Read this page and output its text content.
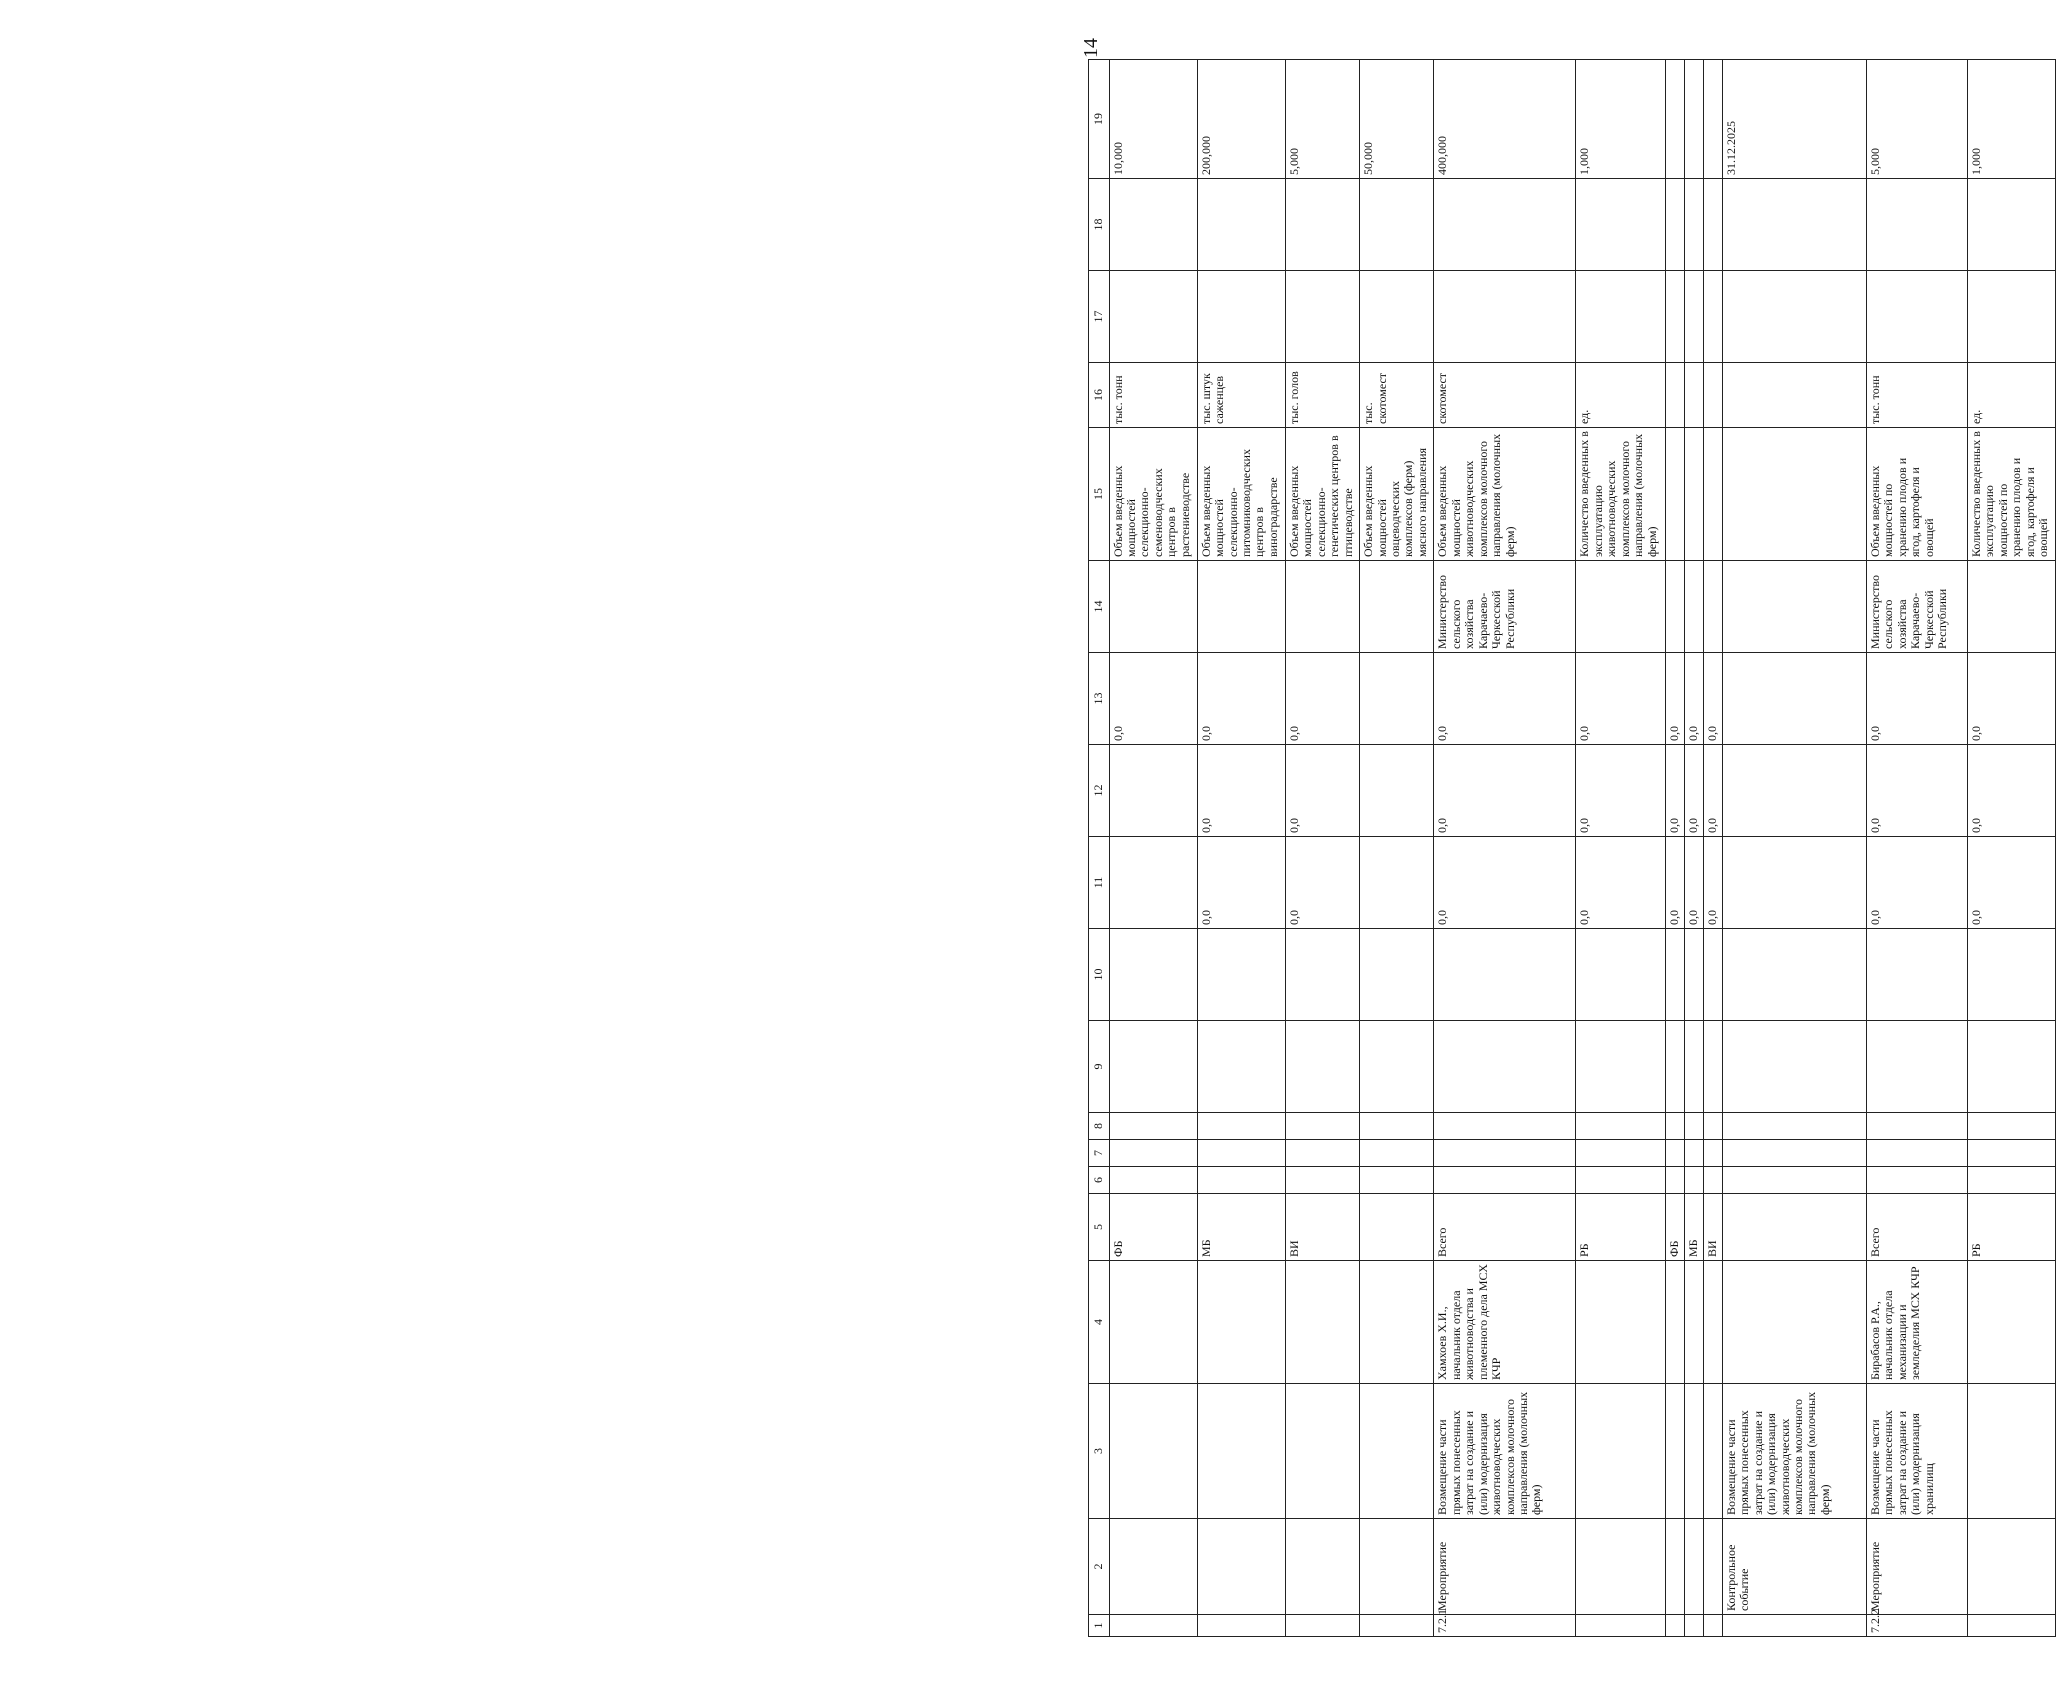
14
1	2	3	4	5	6	7	8	9	10	11	12	13	14	15	16	17	18	19
				ФБ								0,0		Объем введенных мощностей селекционно-семеноводческих центров в растениеводстве	тыс. тонн			10,000
				МБ						0,0	0,0	0,0		Объем введенных мощностей селекционно-питомниководческих центров в виноградарстве	тыс. штук саженцев			200,000
				ВИ						0,0	0,0	0,0		Объем введенных мощностей селекционно-генетических центров в птицеводстве	тыс. голов			5,000
														Объем введенных мощностей овцеводческих комплексов (ферм) мясного направления	тыс. скотомест			50,000
7.2.1	Мероприятие	Возмещение части прямых понесенных затрат на создание и (или) модернизация животноводческих комплексов молочного направления (молочных ферм)	Хамхоев Х.И., начальник отдела животноводства и племенного дела МСХ КЧР	Всего						0,0	0,0	0,0	Министерство сельского хозяйства Карачаево-Черкесской Республики	Объем введенных мощностей животноводческих комплексов молочного направления (молочных ферм)	скотомест			400,000
				РБ						0,0	0,0	0,0		Количество введенных в эксплуатацию животноводческих комплексов молочного направления (молочных ферм)	ед.			1,000
				ФБ						0,0	0,0	0,0						
				МБ						0,0	0,0	0,0						
				ВИ						0,0	0,0	0,0						
	Контрольное событие	Возмещение части прямых понесенных затрат на создание и (или) модернизация животноводческих комплексов молочного направления (молочных ферм)																31.12.2025
7.2.2	Мероприятие	Возмещение части прямых понесенных затрат на создание и (или) модернизация хранилищ	Бирабасов Р.А., начальник отдела механизации и земледелия МСХ КЧР	Всего						0,0	0,0	0,0	Министерство сельского хозяйства Карачаево-Черкесской Республики	Объем введенных мощностей по хранению плодов и ягод, картофеля и овощей	тыс. тонн			5,000
				РБ						0,0	0,0	0,0		Количество введенных в эксплуатацию мощностей по хранению плодов и ягод, картофеля и овощей	ед.			1,000
